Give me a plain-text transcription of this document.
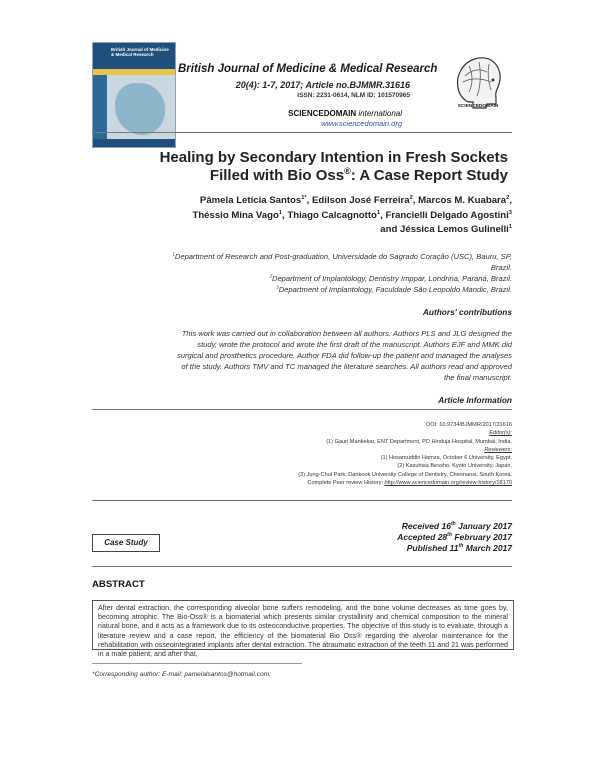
British Journal of Medicine & Medical Research
British Journal of Medicine & Medical Research
20(4): 1-7, 2017; Article no.BJMMR.31616
ISSN: 2231-0614, NLM ID: 101570965
SCIENCEDOMAIN international
www.sciencedomain.org
SCIENCEDOMAIN
Healing by Secondary Intention in Fresh Sockets
Filled with Bio Oss®: A Case Report Study
Pâmela Letícia Santos$^{1*}$, Edilson José Ferreira$^2$, Marcos M. Kuabara$^2$,
Théssio Mina Vago$^1$, Thiago Calcagnotto$^1$, Francielli Delgado Agostini$^3$
and Jéssica Lemos Gulinelli$^1$
$^1$Department of Research and Post-graduation, Universidade do Sagrado Coração (USC), Bauru, SP,
Brazil.
$^2$Department of Implantology, Dentistry Imppar, Londrina, Paraná, Brazil.
$^3$Department of Implantology, Faculdade São Leopoldo Mandic, Brazil.
Authors' contributions
This work was carried out in collaboration between all authors. Authors PLS and JLG designed the
study, wrote the protocol and wrote the first draft of the manuscript. Authors EJF and MMK did
surgical and prosthetics procedure. Author FDA did follow-up the patient and managed the analyses
of the study. Authors TMV and TC managed the literature searches. All authors read and approved
the final manuscript.
Article Information
DOI: 10.9734/BJMMR/2017/31616
Editor(s):
(1) Gauri Mankekar, ENT Department, PD Hinduja Hospital, Mumbai, India.
Reviewers:
(1) Hosamuddin Hamza, October 6 University, Egypt.
(2) Kazuhisa Bessho, Kyoto University, Japan.
(3) Jung-Chul Park, Dankook University College of Dentistry, Cheonansi, South Korea.
Complete Peer review History: http://www.sciencedomain.org/review-history/18170
Case Study
Received 16th January 2017
Accepted 28th February 2017
Published 11th March 2017
ABSTRACT
After dental extraction, the corresponding alveolar bone suffers remodeling, and the bone volume decreases as time goes by, becoming atrophic. The Bio-Oss® is a biomaterial which presents similar crystallinity and chemical composition to the mineral natural bone, and it acts as a framework due to its osteoconductive properties. The objective of this study is to evaluate, through a literature review and a case report, the efficiency of the biomaterial Bio Oss® regarding the alveolar maintenance for the rehabilitation with osseointegrated implants after dental extraction. The atraumatic extraction of the teeth 11 and 21 was performed in a male patient, and after that,
*Corresponding author: E-mail: pamelalsantos@hotmail.com;
